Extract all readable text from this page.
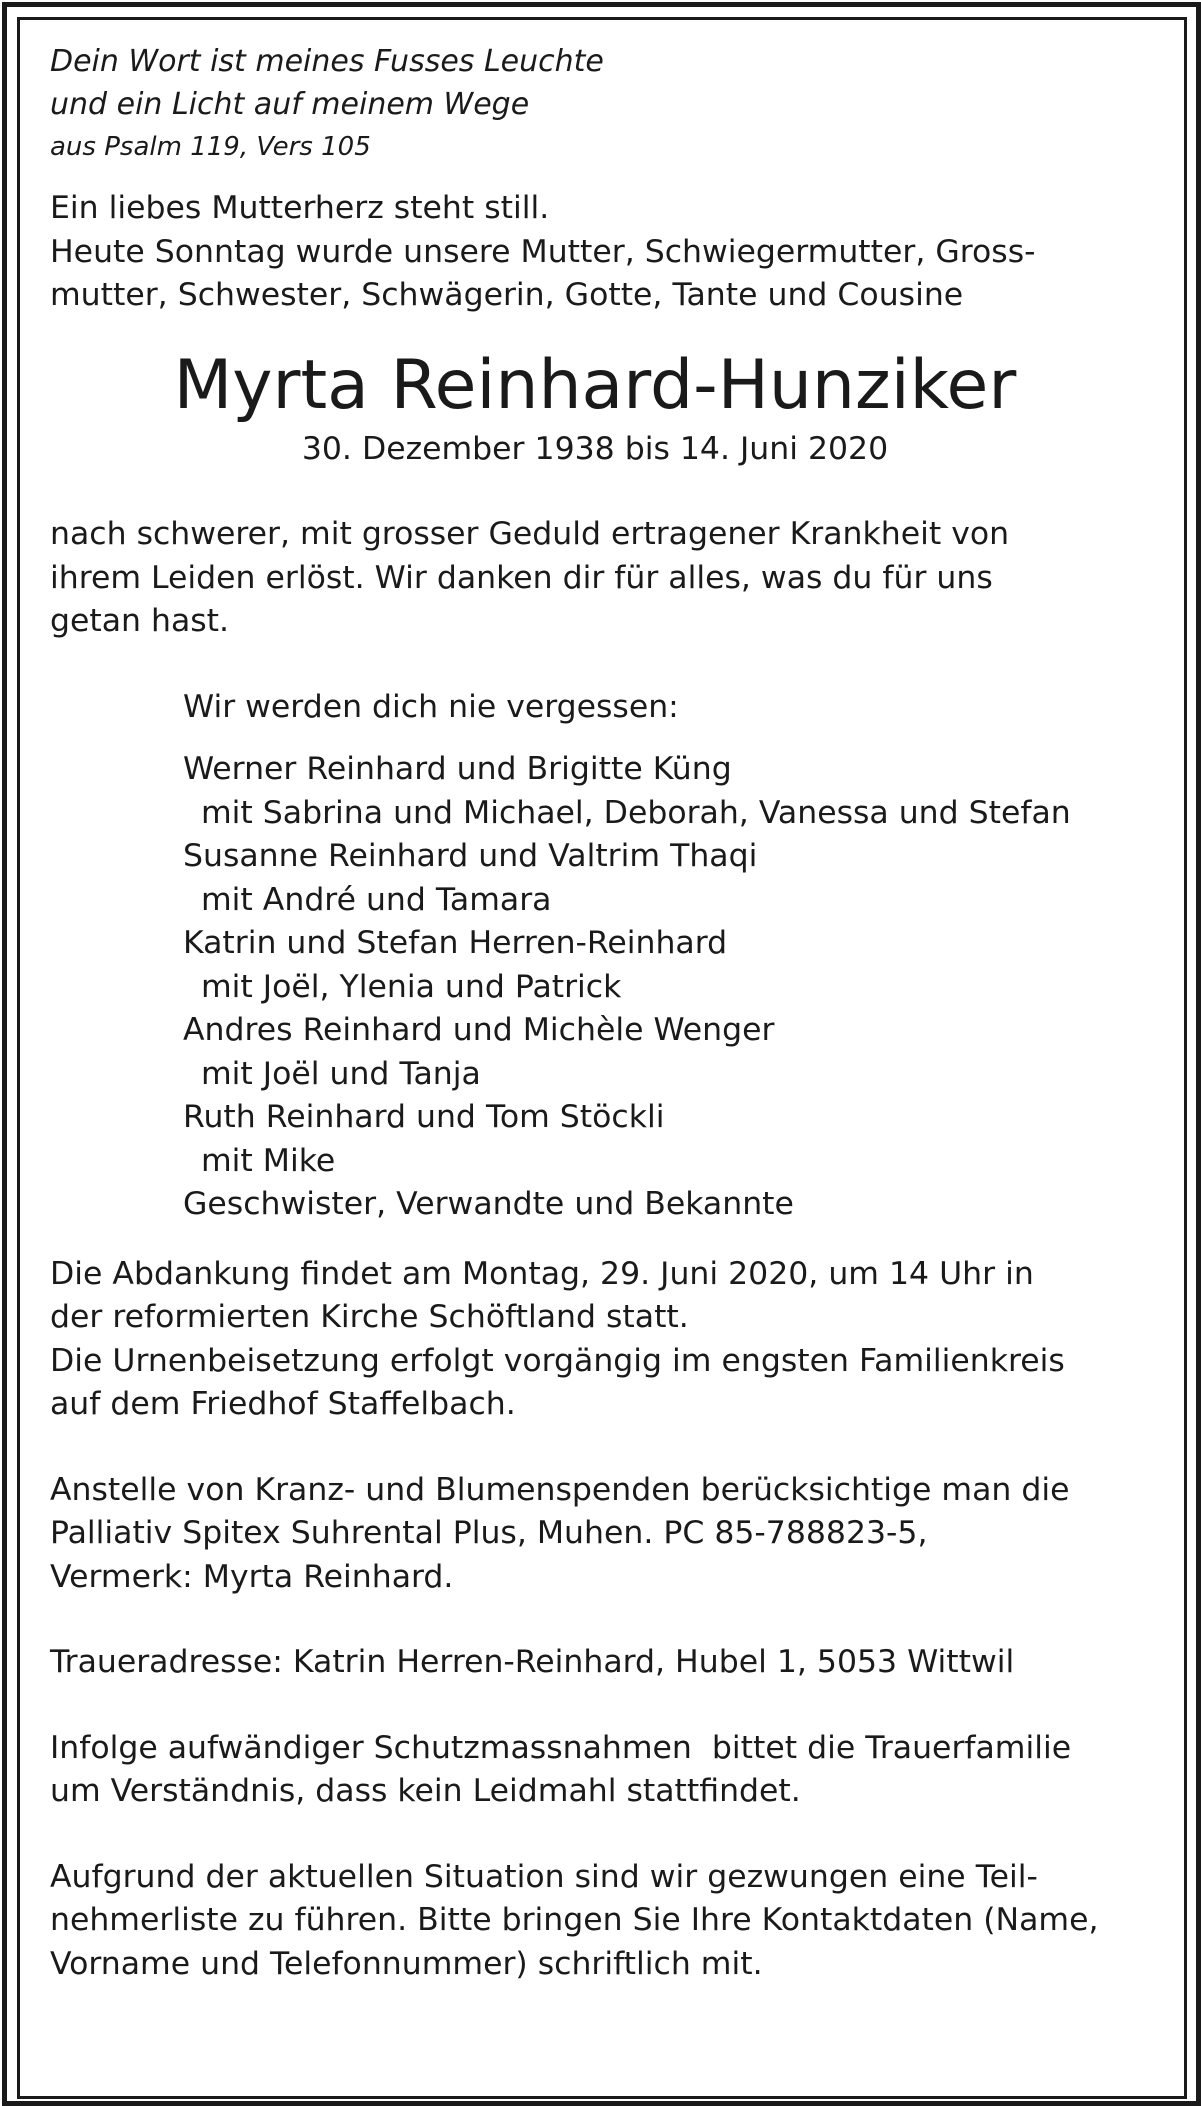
Dein Wort ist meines Fusses Leuchte
und ein Licht auf meinem Wege
aus Psalm 119, Vers 105
Ein liebes Mutterherz steht still.
Heute Sonntag wurde unsere Mutter, Schwiegermutter, Gross-
mutter, Schwester, Schwägerin, Gotte, Tante und Cousine
Myrta Reinhard-Hunziker
30. Dezember 1938 bis 14. Juni 2020
nach schwerer, mit grosser Geduld ertragener Krankheit von
ihrem Leiden erlöst. Wir danken dir für alles, was du für uns
getan hast.
Wir werden dich nie vergessen:
Werner Reinhard und Brigitte Küng
mit Sabrina und Michael, Deborah, Vanessa und Stefan
Susanne Reinhard und Valtrim Thaqi
mit André und Tamara
Katrin und Stefan Herren-Reinhard
mit Joël, Ylenia und Patrick
Andres Reinhard und Michèle Wenger
mit Joël und Tanja
Ruth Reinhard und Tom Stöckli
mit Mike
Geschwister, Verwandte und Bekannte
Die Abdankung findet am Montag, 29. Juni 2020, um 14 Uhr in
der reformierten Kirche Schöftland statt.
Die Urnenbeisetzung erfolgt vorgängig im engsten Familienkreis
auf dem Friedhof Staffelbach.
Anstelle von Kranz- und Blumenspenden berücksichtige man die
Palliativ Spitex Suhrental Plus, Muhen. PC 85-788823-5,
Vermerk: Myrta Reinhard.
Traueradresse: Katrin Herren-Reinhard, Hubel 1, 5053 Wittwil
Infolge aufwändiger Schutzmassnahmen  bittet die Trauerfamilie
um Verständnis, dass kein Leidmahl stattfindet.
Aufgrund der aktuellen Situation sind wir gezwungen eine Teil-
nehmerliste zu führen. Bitte bringen Sie Ihre Kontaktdaten (Name,
Vorname und Telefonnummer) schriftlich mit.
